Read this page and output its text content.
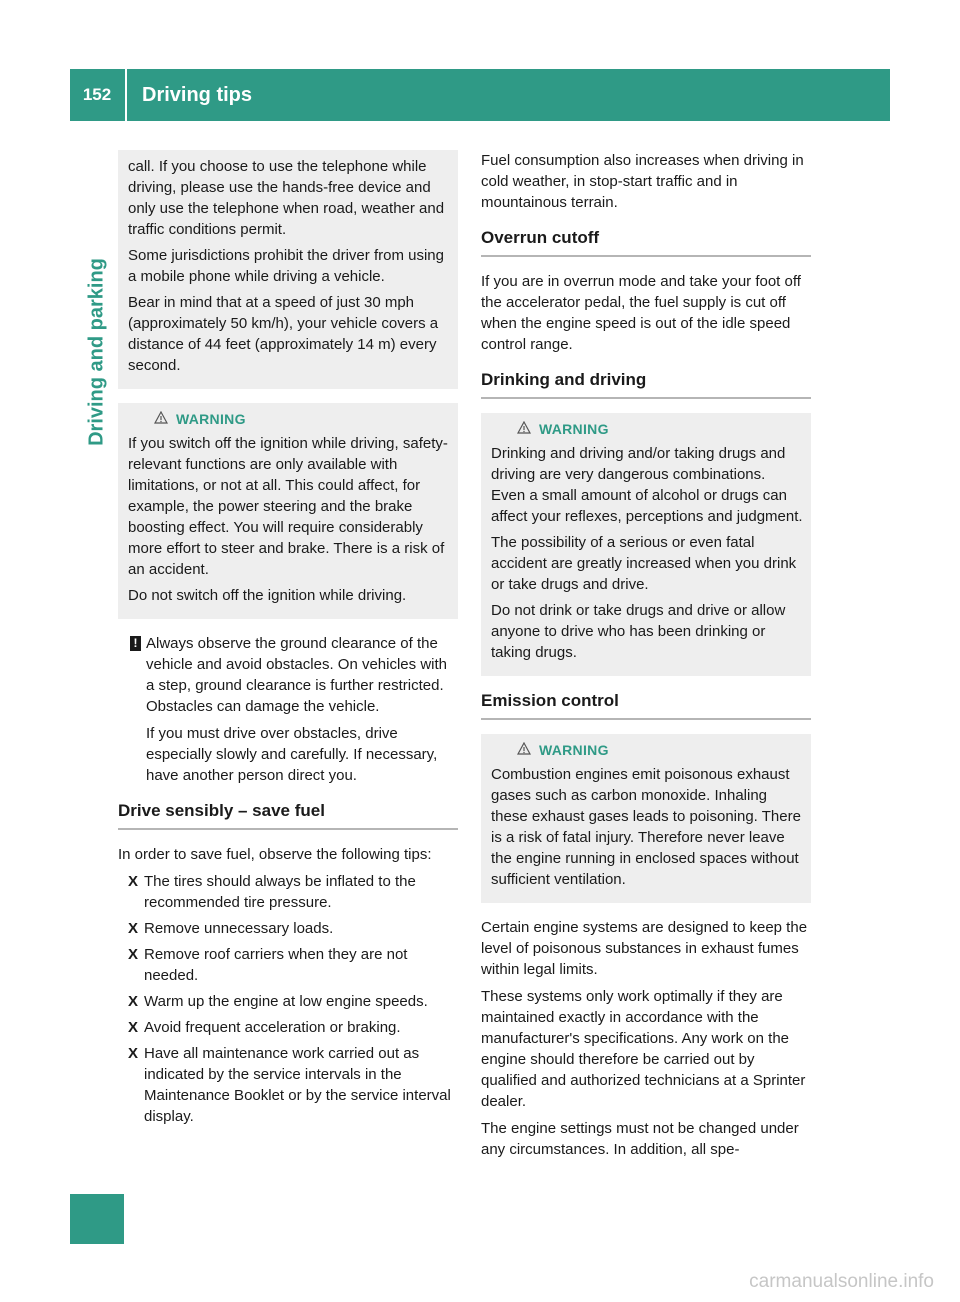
152	Driving tips
Driving and parking

call. If you choose to use the telephone while driving, please use the hands-free device and only use the telephone when road, weather and traffic conditions permit.

Some jurisdictions prohibit the driver from using a mobile phone while driving a vehicle.

Bear in mind that at a speed of just 30 mph (approximately 50 km/h), your vehicle covers a distance of 44 feet (approximately 14 m) every second.

WARNING

If you switch off the ignition while driving, safety-relevant functions are only available with limitations, or not at all. This could affect, for example, the power steering and the brake boosting effect. You will require considerably more effort to steer and brake. There is a risk of an accident.

Do not switch off the ignition while driving.

! Always observe the ground clearance of the vehicle and avoid obstacles. On vehicles with a step, ground clearance is further restricted. Obstacles can damage the vehicle.

If you must drive over obstacles, drive especially slowly and carefully. If necessary, have another person direct you.

Drive sensibly – save fuel

In order to save fuel, observe the following tips:

X The tires should always be inflated to the recommended tire pressure.
X Remove unnecessary loads.
X Remove roof carriers when they are not needed.
X Warm up the engine at low engine speeds.
X Avoid frequent acceleration or braking.
X Have all maintenance work carried out as indicated by the service intervals in the Maintenance Booklet or by the service interval display.

Fuel consumption also increases when driving in cold weather, in stop-start traffic and in mountainous terrain.

Overrun cutoff

If you are in overrun mode and take your foot off the accelerator pedal, the fuel supply is cut off when the engine speed is out of the idle speed control range.

Drinking and driving
WARNING

Drinking and driving and/or taking drugs and driving are very dangerous combinations. Even a small amount of alcohol or drugs can affect your reflexes, perceptions and judgment.

The possibility of a serious or even fatal accident are greatly increased when you drink or take drugs and drive.

Do not drink or take drugs and drive or allow anyone to drive who has been drinking or taking drugs.

Emission control
WARNING

Combustion engines emit poisonous exhaust gases such as carbon monoxide. Inhaling these exhaust gases leads to poisoning. There is a risk of fatal injury. Therefore never leave the engine running in enclosed spaces without sufficient ventilation.

Certain engine systems are designed to keep the level of poisonous substances in exhaust fumes within legal limits.

These systems only work optimally if they are maintained exactly in accordance with the manufacturer's specifications. Any work on the engine should therefore be carried out by qualified and authorized technicians at a Sprinter dealer.

The engine settings must not be changed under any circumstances. In addition, all spe-

carmanualsonline.info
